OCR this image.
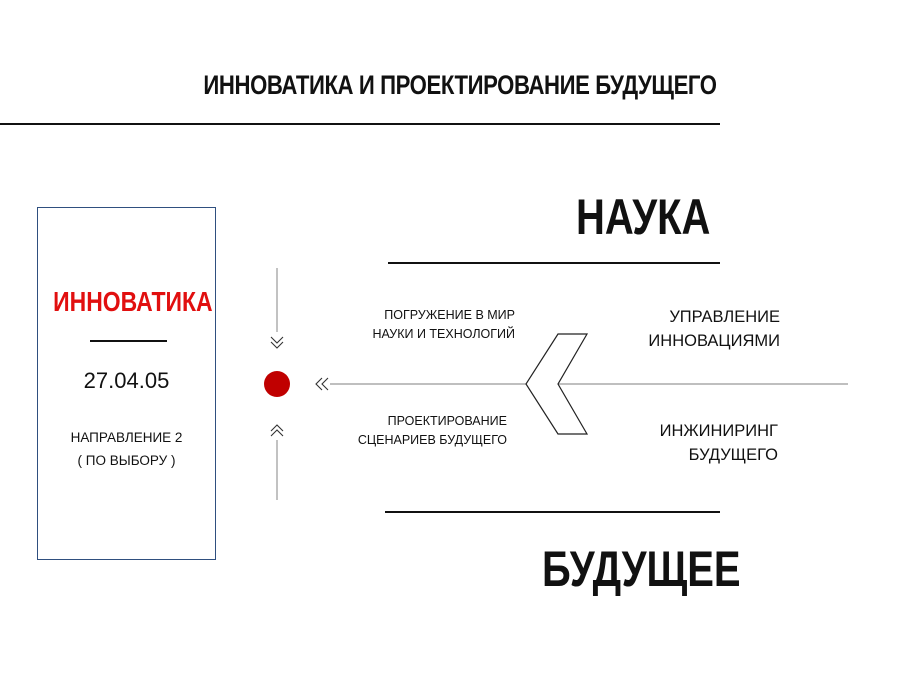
ИННОВАТИКА И ПРОЕКТИРОВАНИЕ БУДУЩЕГО
ИННОВАТИКА
27.04.05
НАПРАВЛЕНИЕ 2
( ПО ВЫБОРУ )
НАУКА
БУДУЩЕЕ
ПОГРУЖЕНИЕ В МИР
НАУКИ И ТЕХНОЛОГИЙ
ПРОЕКТИРОВАНИЕ
СЦЕНАРИЕВ БУДУЩЕГО
УПРАВЛЕНИЕ
ИННОВАЦИЯМИ
ИНЖИНИРИНГ
БУДУЩЕГО
